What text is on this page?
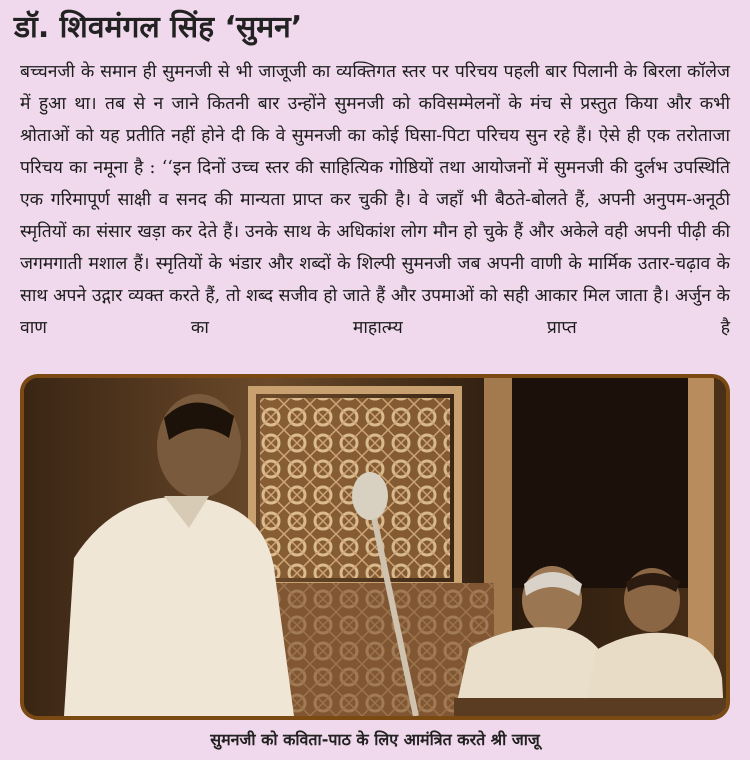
डॉ. शिवमंगल सिंह ‘सुमन’

बच्चनजी के समान ही सुमनजी से भी जाजूजी का व्यक्तिगत स्तर पर परिचय पहली बार पिलानी के बिरला कॉलेज में हुआ था। तब से न जाने कितनी बार उन्होंने सुमनजी को कविसम्मेलनों के मंच से प्रस्तुत किया और कभी श्रोताओं को यह प्रतीति नहीं होने दी कि वे सुमनजी का कोई घिसा-पिटा परिचय सुन रहे हैं। ऐसे ही एक तरोताजा परिचय का नमूना है : ‘‘इन दिनों उच्च स्तर की साहित्यिक गोष्ठियों तथा आयोजनों में सुमनजी की दुर्लभ उपस्थिति एक गरिमापूर्ण साक्षी व सनद की मान्यता प्राप्त कर चुकी है। वे जहाँ भी बैठते-बोलते हैं, अपनी अनुपम-अनूठी स्मृतियों का संसार खड़ा कर देते हैं। उनके साथ के अधिकांश लोग मौन हो चुके हैं और अकेले वही अपनी पीढ़ी की जगमगाती मशाल हैं। स्मृतियों के भंडार और शब्दों के शिल्पी सुमनजी जब अपनी वाणी के मार्मिक उतार-चढ़ाव के साथ अपने उद्गार व्यक्त करते हैं, तो शब्द सजीव हो जाते हैं और उपमाओं को सही आकार मिल जाता है। अर्जुन के वाण का माहात्म्य प्राप्त है

सुमनजी को कविता-पाठ के लिए आमंत्रित करते श्री जाजू
